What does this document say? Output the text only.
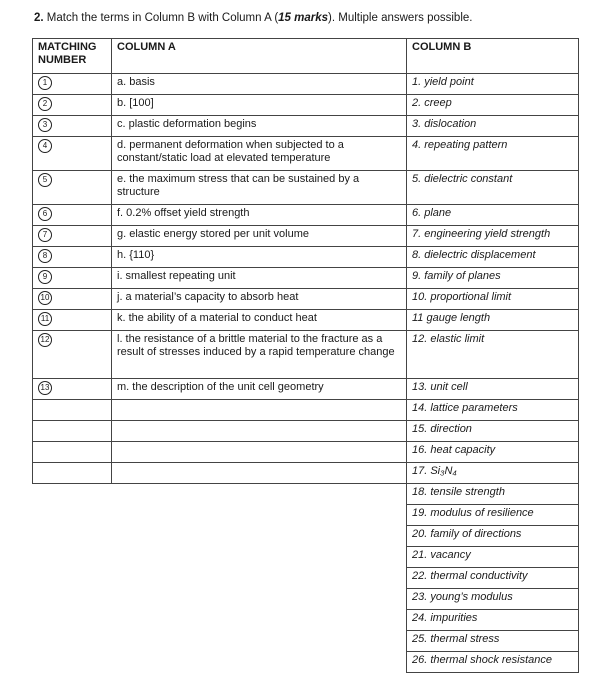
2. Match the terms in Column B with Column A (15 marks). Multiple answers possible.
MATCHING NUMBER	COLUMN A	COLUMN B
1	a. basis	1. yield point
2	b. [100]	2. creep
3	c. plastic deformation begins	3. dislocation
4	d. permanent deformation when subjected to a constant/static load at elevated temperature	4. repeating pattern
5	e. the maximum stress that can be sustained by a structure	5. dielectric constant
6	f. 0.2% offset yield strength	6. plane
7	g. elastic energy stored per unit volume	7. engineering yield strength
8	h. {110}	8. dielectric displacement
9	i. smallest repeating unit	9. family of planes
10	j. a material’s capacity to absorb heat	10. proportional limit
11	k. the ability of a material to conduct heat	11 gauge length
12	l. the resistance of a brittle material to the fracture as a result of stresses induced by a rapid temperature change	12. elastic limit
13	m. the description of the unit cell geometry	13. unit cell
		14. lattice parameters
		15. direction
		16. heat capacity
		17. Si₃N₄
		18. tensile strength
		19. modulus of resilience
		20. family of directions
		21. vacancy
		22. thermal conductivity
		23. young’s modulus
		24. impurities
		25. thermal stress
		26. thermal shock resistance
